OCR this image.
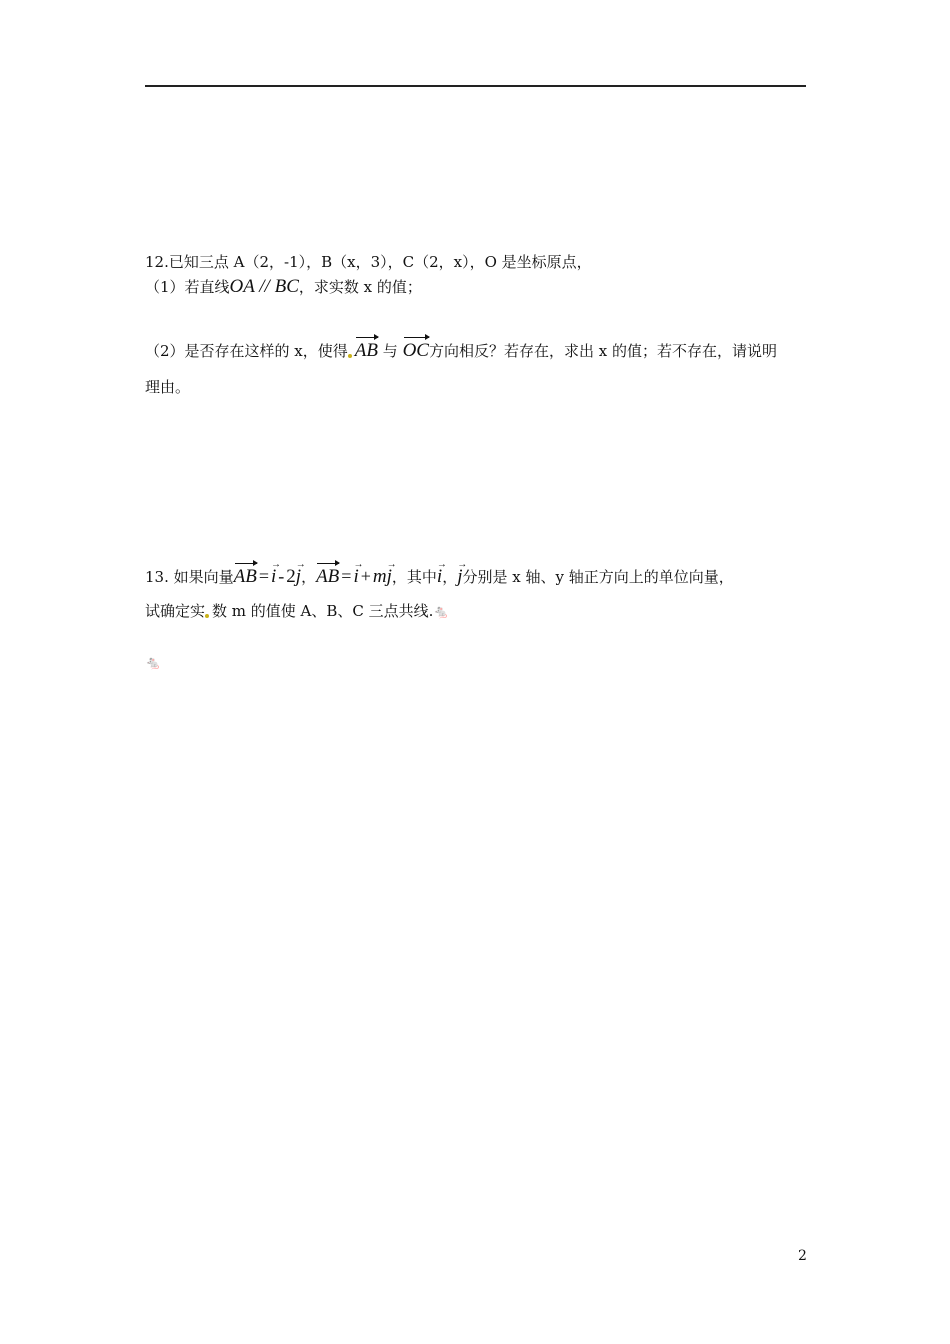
12.已知三点 A（2，-1），B（x，3），C（2，x），O 是坐标原点，
（1）若直线OA // BC，求实数 x 的值；
（2）是否存在这样的 x，使得 AB 与 OC方向相反？若存在，求出 x 的值；若不存在，请说明
理由。
13. 如果向量AB = i → - 2j →，AB = i → + mj →，其中i →，j →分别是 x 轴、y 轴正方向上的单位向量，
试确定实 数 m 的值使 A、B、C 三点共线.🐁
🐁
2
